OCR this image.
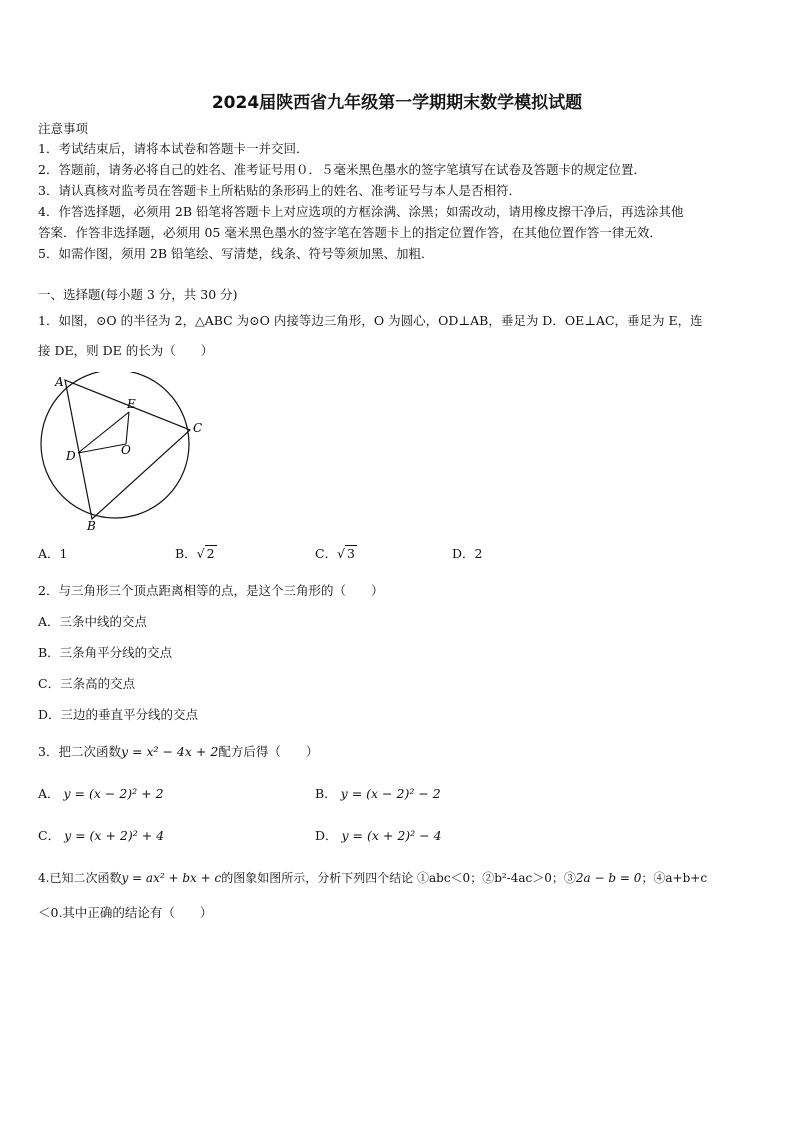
2024届陕西省九年级第一学期期末数学模拟试题
注意事项
1．考试结束后，请将本试卷和答题卡一并交回．
2．答题前，请务必将自己的姓名、准考证号用０．５毫米黑色墨水的签字笔填写在试卷及答题卡的规定位置．
3．请认真核对监考员在答题卡上所粘贴的条形码上的姓名、准考证号与本人是否相符．
4．作答选择题，必须用 2B 铅笔将答题卡上对应选项的方框涂满、涂黑；如需改动，请用橡皮擦干净后，再选涂其他
答案．作答非选择题，必须用 05 毫米黑色墨水的签字笔在答题卡上的指定位置作答，在其他位置作答一律无效．
5．如需作图，须用 2B 铅笔绘、写清楚，线条、符号等须加黑、加粗．
一、选择题(每小题 3 分，共 30 分)
1．如图，⊙O 的半径为 2，△ABC 为⊙O 内接等边三角形，O 为圆心，OD⊥AB，垂足为 D．OE⊥AC，垂足为 E，连
接 DE，则 DE 的长为（　　）
A
B
C
D
E
O
A．1	B．√ 2	C．√ 3	D．2
2．与三角形三个顶点距离相等的点，是这个三角形的（　　）
A．三条中线的交点
B．三条角平分线的交点
C．三条高的交点
D．三边的垂直平分线的交点
3．把二次函数y = x² − 4x + 2配方后得（　　）
A． y = (x − 2)² + 2	B． y = (x − 2)² − 2
C． y = (x + 2)² + 4	D． y = (x + 2)² − 4
4.已知二次函数y = ax² + bx + c的图象如图所示，分析下列四个结论 ①abc＜0；②b²-4ac＞0；③2a − b = 0；④a+b+c
＜0.其中正确的结论有（　　）
